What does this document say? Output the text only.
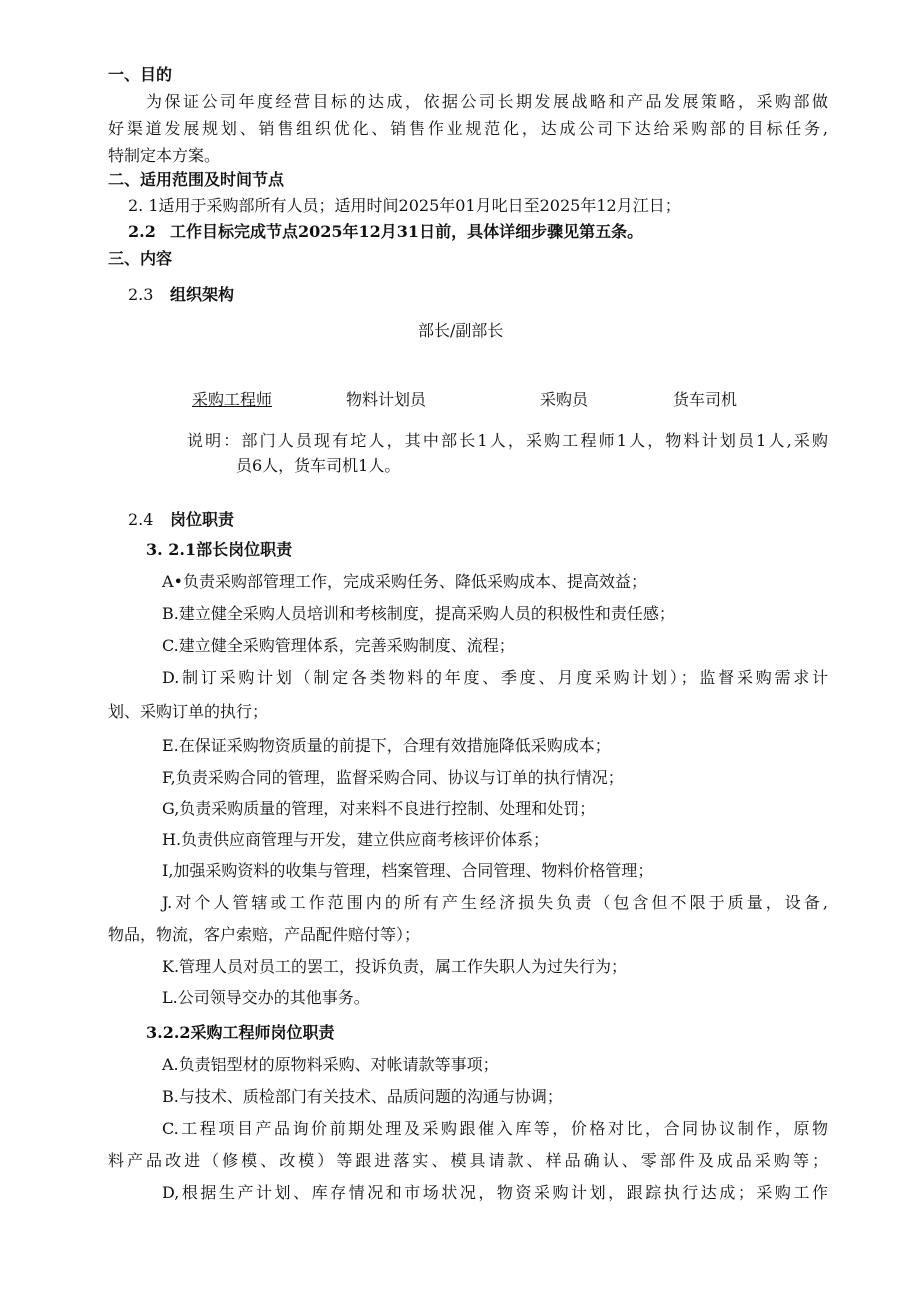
一、目的
为保证公司年度经营目标的达成，依据公司长期发展战略和产品发展策略，采购部做
好渠道发展规划、销售组织优化、销售作业规范化，达成公司下达给采购部的目标任务,
特制定本方案。
二、适用范围及时间节点
2. 1适用于采购部所有人员；适用时间2025年01月叱日至2025年12月江日；
2.2 工作目标完成节点2025年12月31日前，具体详细步骤见第五条。
三、内容
2.3 组织架构
部长/副部长
采购工程师	物料计划员	采购员	货车司机
说明：部门人员现有坨人，其中部长1人，采购工程师1人，物料计划员1人,采购
员6人，货车司机1人。
2.4 岗位职责
3. 2.1部长岗位职责
A•负责采购部管理工作，完成采购任务、降低采购成本、提高效益；
B.建立健全采购人员培训和考核制度，提高采购人员的积极性和责任感；
C.建立健全采购管理体系，完善采购制度、流程；
D.制订采购计划（制定各类物料的年度、季度、月度采购计划）；监督采购需求计
划、采购订单的执行；
E.在保证采购物资质量的前提下，合理有效措施降低采购成本；
F,负责采购合同的管理，监督采购合同、协议与订单的执行情况；
G,负责采购质量的管理，对来料不良进行控制、处理和处罚；
H.负责供应商管理与开发，建立供应商考核评价体系；
I,加强采购资料的收集与管理，档案管理、合同管理、物料价格管理；
J.对个人管辖或工作范围内的所有产生经济损失负责（包含但不限于质量，设备,
物品，物流，客户索赔，产品配件赔付等）；
K.管理人员对员工的罢工，投诉负责，属工作失职人为过失行为；
L.公司领导交办的其他事务。
3.2.2采购工程师岗位职责
A.负责铝型材的原物料采购、对帐请款等事项；
B.与技术、质检部门有关技术、品质问题的沟通与协调；
C.工程项目产品询价前期处理及采购跟催入库等，价格对比，合同协议制作，原物
料产品改进（修模、改模）等跟进落实、模具请款、样品确认、零部件及成品采购等；
D,根据生产计划、库存情况和市场状况，物资采购计划，跟踪执行达成；采购工作
